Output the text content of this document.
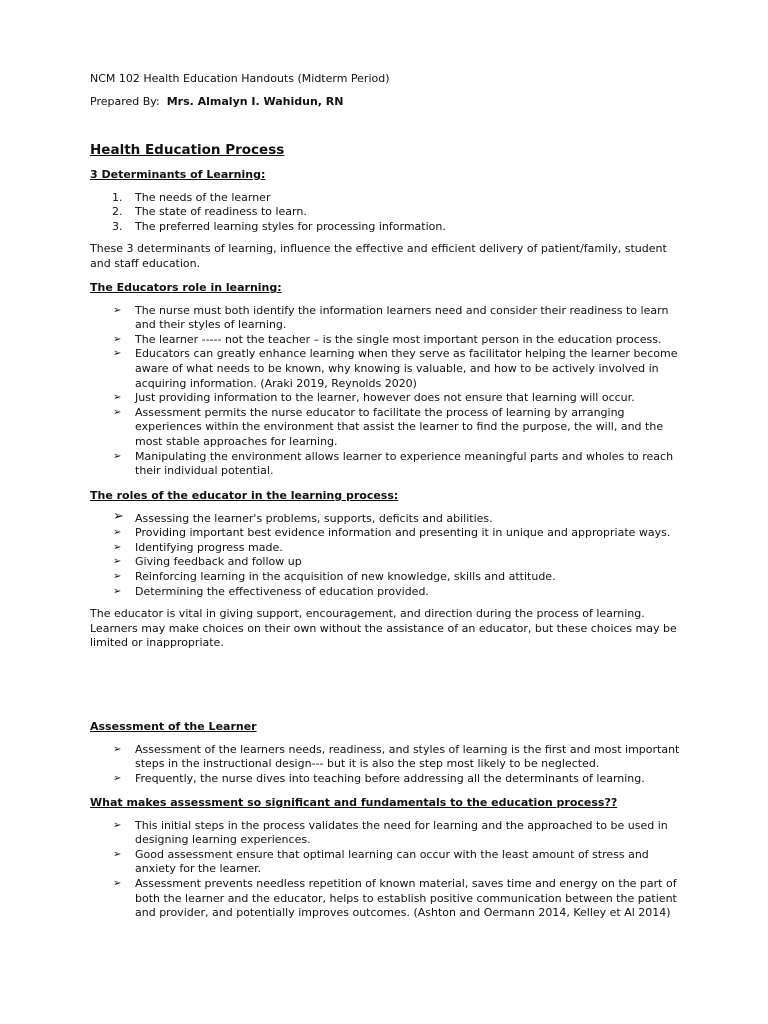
NCM 102 Health Education Handouts (Midterm Period)

Prepared By: Mrs. Almalyn I. Wahidun, RN

Health Education Process

3 Determinants of Learning:

1. The needs of the learner
2. The state of readiness to learn.
3. The preferred learning styles for processing information.

These 3 determinants of learning, influence the effective and efficient delivery of patient/family, student and staff education.

The Educators role in learning:

➢ The nurse must both identify the information learners need and consider their readiness to learn and their styles of learning.
➢ The learner ----- not the teacher – is the single most important person in the education process.
➢ Educators can greatly enhance learning when they serve as facilitator helping the learner become aware of what needs to be known, why knowing is valuable, and how to be actively involved in acquiring information. (Araki 2019, Reynolds 2020)
➢ Just providing information to the learner, however does not ensure that learning will occur.
➢ Assessment permits the nurse educator to facilitate the process of learning by arranging experiences within the environment that assist the learner to find the purpose, the will, and the most stable approaches for learning.
➢ Manipulating the environment allows learner to experience meaningful parts and wholes to reach their individual potential.

The roles of the educator in the learning process:

➢ Assessing the learner's problems, supports, deficits and abilities.
➢ Providing important best evidence information and presenting it in unique and appropriate ways.
➢ Identifying progress made.
➢ Giving feedback and follow up
➢ Reinforcing learning in the acquisition of new knowledge, skills and attitude.
➢ Determining the effectiveness of education provided.

The educator is vital in giving support, encouragement, and direction during the process of learning. Learners may make choices on their own without the assistance of an educator, but these choices may be limited or inappropriate.

Assessment of the Learner

➢ Assessment of the learners needs, readiness, and styles of learning is the first and most important steps in the instructional design--- but it is also the step most likely to be neglected.
➢ Frequently, the nurse dives into teaching before addressing all the determinants of learning.

What makes assessment so significant and fundamentals to the education process??

➢ This initial steps in the process validates the need for learning and the approached to be used in designing learning experiences.
➢ Good assessment ensure that optimal learning can occur with the least amount of stress and anxiety for the learner.
➢ Assessment prevents needless repetition of known material, saves time and energy on the part of both the learner and the educator, helps to establish positive communication between the patient and provider, and potentially improves outcomes. (Ashton and Oermann 2014, Kelley et Al 2014)
